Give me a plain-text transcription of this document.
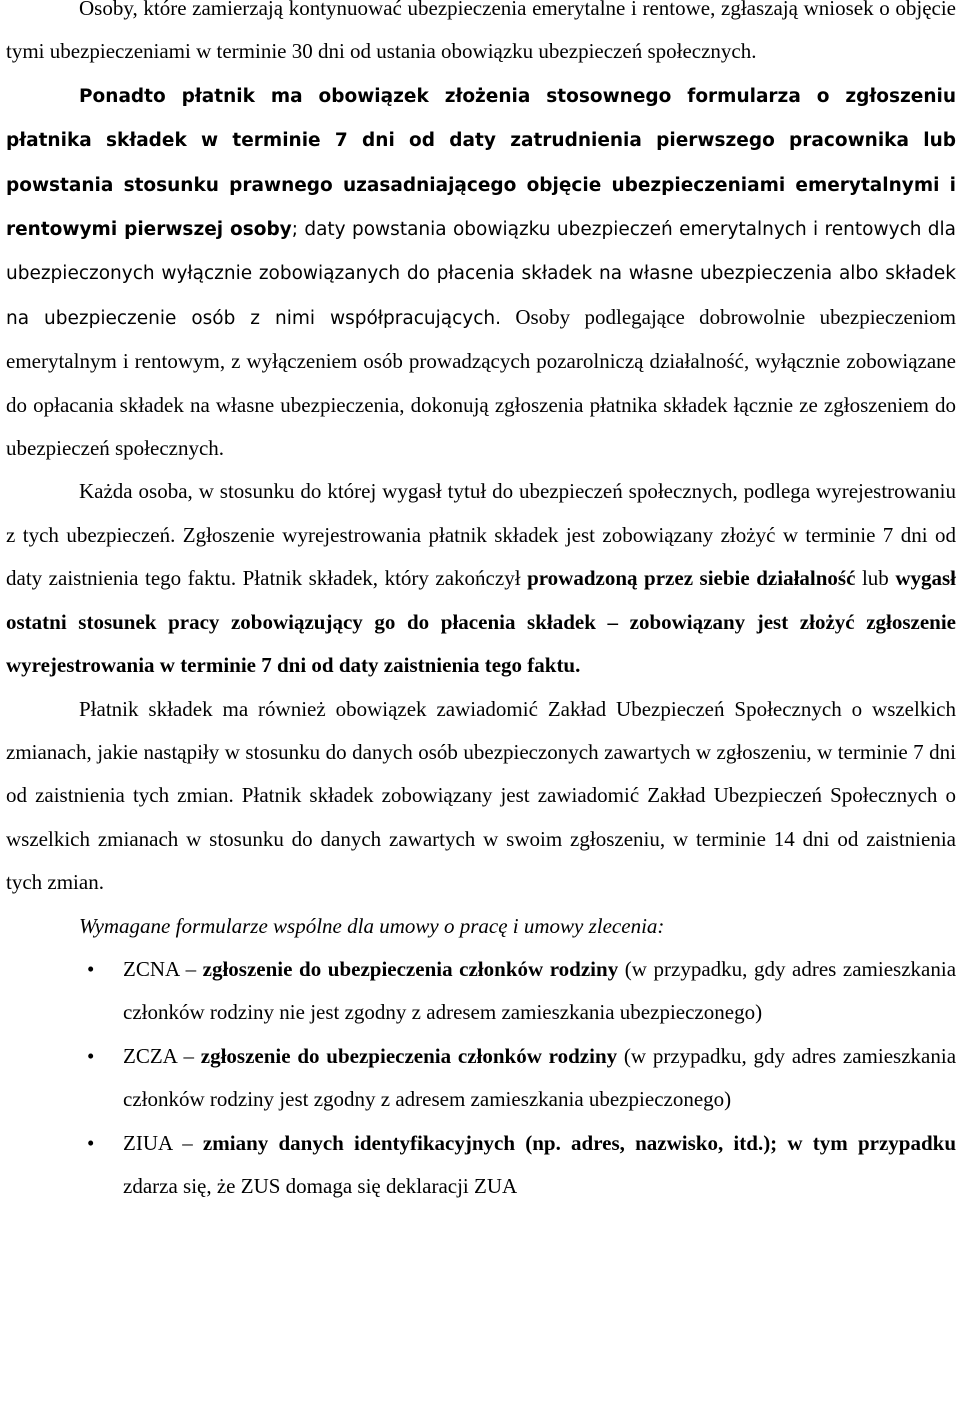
Osoby, które zamierzają kontynuować ubezpieczenia emerytalne i rentowe, zgłaszają wniosek o objęcie tymi ubezpieczeniami w terminie 30 dni od ustania obowiązku ubezpieczeń społecznych.

Ponadto płatnik ma obowiązek złożenia stosownego formularza o zgłoszeniu płatnika składek w terminie 7 dni od daty zatrudnienia pierwszego pracownika lub powstania stosunku prawnego uzasadniającego objęcie ubezpieczeniami emerytalnymi i rentowymi pierwszej osoby; daty powstania obowiązku ubezpieczeń emerytalnych i rentowych dla ubezpieczonych wyłącznie zobowiązanych do płacenia składek na własne ubezpieczenia albo składek na ubezpieczenie osób z nimi współpracujących. Osoby podlegające dobrowolnie ubezpieczeniom emerytalnym i rentowym, z wyłączeniem osób prowadzących pozarolniczą działalność, wyłącznie zobowiązane do opłacania składek na własne ubezpieczenia, dokonują zgłoszenia płatnika składek łącznie ze zgłoszeniem do ubezpieczeń społecznych.

Każda osoba, w stosunku do której wygasł tytuł do ubezpieczeń społecznych, podlega wyrejestrowaniu z tych ubezpieczeń. Zgłoszenie wyrejestrowania płatnik składek jest zobowiązany złożyć w terminie 7 dni od daty zaistnienia tego faktu. Płatnik składek, który zakończył prowadzoną przez siebie działalność lub wygasł ostatni stosunek pracy zobowiązujący go do płacenia składek – zobowiązany jest złożyć zgłoszenie wyrejestrowania w terminie 7 dni od daty zaistnienia tego faktu.

Płatnik składek ma również obowiązek zawiadomić Zakład Ubezpieczeń Społecznych o wszelkich zmianach, jakie nastąpiły w stosunku do danych osób ubezpieczonych zawartych w zgłoszeniu, w terminie 7 dni od zaistnienia tych zmian. Płatnik składek zobowiązany jest zawiadomić Zakład Ubezpieczeń Społecznych o wszelkich zmianach w stosunku do danych zawartych w swoim zgłoszeniu, w terminie 14 dni od zaistnienia tych zmian.

Wymagane formularze wspólne dla umowy o pracę i umowy zlecenia:

• ZCNA – zgłoszenie do ubezpieczenia członków rodziny (w przypadku, gdy adres zamieszkania członków rodziny nie jest zgodny z adresem zamieszkania ubezpieczonego)
• ZCZA – zgłoszenie do ubezpieczenia członków rodziny (w przypadku, gdy adres zamieszkania członków rodziny jest zgodny z adresem zamieszkania ubezpieczonego)
• ZIUA – zmiany danych identyfikacyjnych (np. adres, nazwisko, itd.); w tym przypadku zdarza się, że ZUS domaga się deklaracji ZUA
